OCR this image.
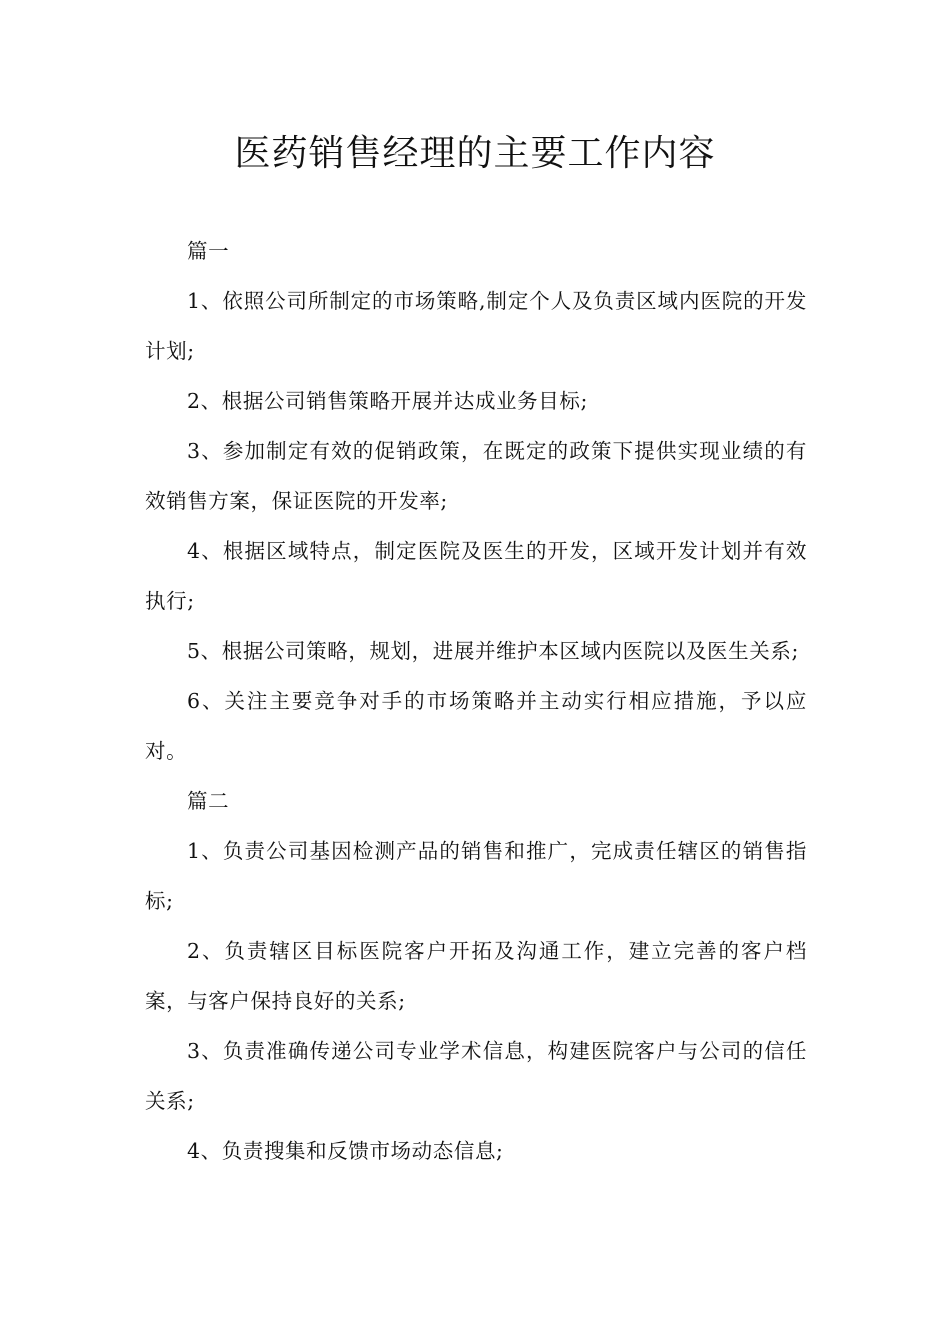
医药销售经理的主要工作内容

篇一

1、依照公司所制定的市场策略,制定个人及负责区域内医院的开发计划;

2、根据公司销售策略开展并达成业务目标;

3、参加制定有效的促销政策，在既定的政策下提供实现业绩的有效销售方案，保证医院的开发率;

4、根据区域特点，制定医院及医生的开发，区域开发计划并有效执行;

5、根据公司策略，规划，进展并维护本区域内医院以及医生关系;

6、关注主要竞争对手的市场策略并主动实行相应措施，予以应对。

篇二

1、负责公司基因检测产品的销售和推广，完成责任辖区的销售指标;

2、负责辖区目标医院客户开拓及沟通工作，建立完善的客户档案，与客户保持良好的关系;

3、负责准确传递公司专业学术信息，构建医院客户与公司的信任关系;

4、负责搜集和反馈市场动态信息;
